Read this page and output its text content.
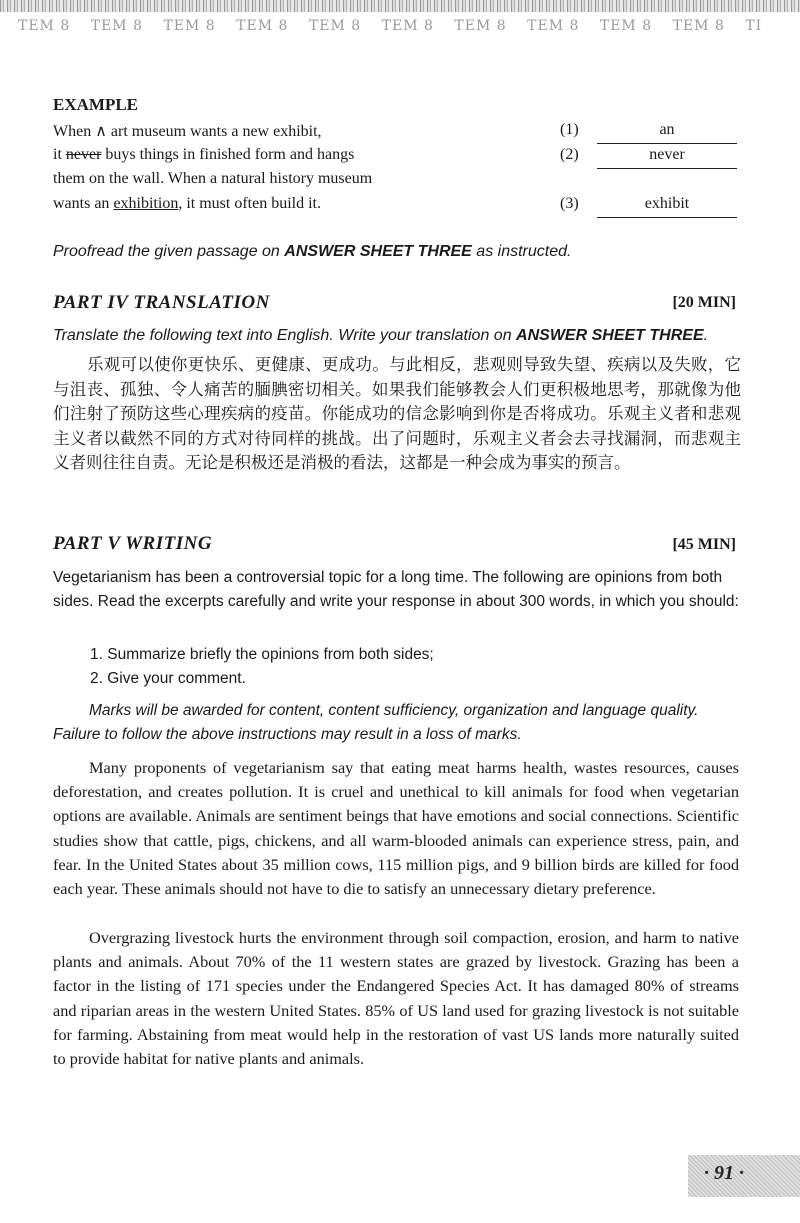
TEM 8	TEM 8	TEM 8	TEM 8	TEM 8	TEM 8	TEM 8	TEM 8	TEM 8	TEM 8	TI
EXAMPLE
When ∧ art museum wants a new exhibit,
it never buys things in finished form and hangs
them on the wall. When a natural history museum
wants an exhibition, it must often build it.
(1)	an
(2)	never
(3)	exhibit
Proofread the given passage on ANSWER SHEET THREE as instructed.
PART IV TRANSLATION	[20 MIN]
Translate the following text into English. Write your translation on ANSWER SHEET THREE.
乐观可以使你更快乐、更健康、更成功。与此相反，悲观则导致失望、疾病以及失败，它与沮丧、孤独、令人痛苦的腼腆密切相关。如果我们能够教会人们更积极地思考，那就像为他们注射了预防这些心理疾病的疫苗。你能成功的信念影响到你是否将成功。乐观主义者和悲观主义者以截然不同的方式对待同样的挑战。出了问题时，乐观主义者会去寻找漏洞，而悲观主义者则往往自责。无论是积极还是消极的看法，这都是一种会成为事实的预言。
PART V WRITING	[45 MIN]
Vegetarianism has been a controversial topic for a long time. The following are opinions from both sides. Read the excerpts carefully and write your response in about 300 words, in which you should:
1. Summarize briefly the opinions from both sides;
2. Give your comment.
Marks will be awarded for content, content sufficiency, organization and language quality. Failure to follow the above instructions may result in a loss of marks.
Many proponents of vegetarianism say that eating meat harms health, wastes resources, causes deforestation, and creates pollution. It is cruel and unethical to kill animals for food when vegetarian options are available. Animals are sentiment beings that have emotions and social connections. Scientific studies show that cattle, pigs, chickens, and all warm-blooded animals can experience stress, pain, and fear. In the United States about 35 million cows, 115 million pigs, and 9 billion birds are killed for food each year. These animals should not have to die to satisfy an unnecessary dietary preference.
Overgrazing livestock hurts the environment through soil compaction, erosion, and harm to native plants and animals. About 70% of the 11 western states are grazed by livestock. Grazing has been a factor in the listing of 171 species under the Endangered Species Act. It has damaged 80% of streams and riparian areas in the western United States. 85% of US land used for grazing livestock is not suitable for farming. Abstaining from meat would help in the restoration of vast US lands more naturally suited to provide habitat for native plants and animals.
· 91 ·
